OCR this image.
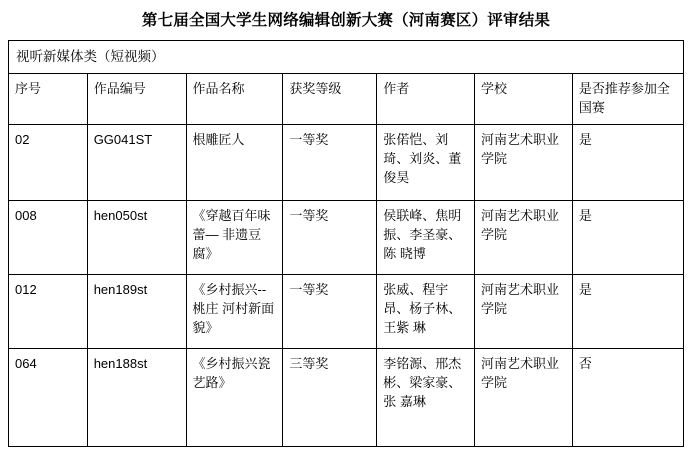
第七届全国大学生网络编辑创新大赛（河南赛区）评审结果
视听新媒体类（短视频）						
序号	作品编号	作品名称	获奖等级	作者	学校	是否推荐参加全国赛
02	GG041ST	根雕匠人	一等奖	张偌恺、刘琦、刘炎、董俊昊	河南艺术职业学院	是
008	hen050st	《穿越百年味蕾— 非遗豆腐》	一等奖	侯联峰、焦明振、李圣豪、陈 晓博	河南艺术职业学院	是
012	hen189st	《乡村振兴--桃庄 河村新面貌》	一等奖	张威、程宇昂、杨子林、王紫 琳	河南艺术职业学院	是
064	hen188st	《乡村振兴瓷艺路》	三等奖	李铭源、邢杰彬、梁家豪、张 嘉琳	河南艺术职业学院	否
